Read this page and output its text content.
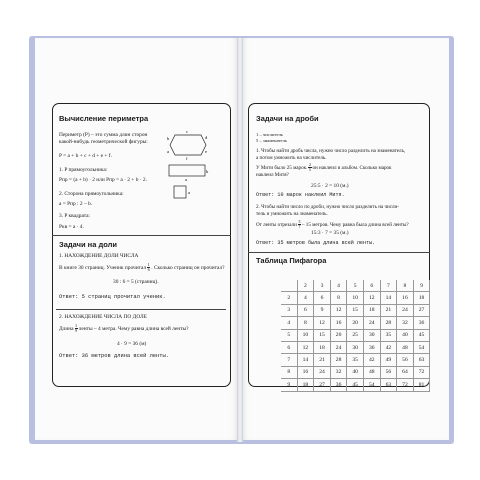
Вычисление периметра
Периметр (P) – это сумма длин сторон
какой-нибудь геометрической фигуры:
P = a + b + c + d + e + f.
1. P прямоугольника:
Pпр = (a + b) · 2 или Pпр = a · 2 + b · 2.
2. Сторона прямоугольника:
a = Pпр : 2 – b.
3. P квадрата:
Pкв = a · 4.
c
d
e
f
a
b
a
b
a
Задачи на доли
1. НАХОЖДЕНИЕ ДОЛИ ЧИСЛА
В книге 30 страниц. Ученик прочитал $\frac{1}{6}$ . Сколько страниц он прочитал?
30 : 6 = 5 (страниц).
Ответ: 5 страниц прочитал ученик.
2. НАХОЖДЕНИЕ ЧИСЛА ПО ДОЛЕ
Длина $\frac{1}{9}$ ленты – 4 метра. Чему равна длина всей ленты?
4 · 9 = 36 (м)
Ответ: 36 метров длина всей ленты.
Задачи на дроби
1 – числитель
5 – знаменатель
1. Чтобы найти дробь числа, нужно число разделить на знаменатель,
а потом умножить на числитель.
У Мити было 25 марок. $\frac{2}{5}$ он наклеил в альбом. Сколько марок
наклеил Митя?
25:5 · 2 = 10 (м.)
Ответ: 10 марок наклеил Митя.
2. Чтобы найти число по дроби, нужно число разделить на числи-
тель и умножить на знаменатель.
От ленты отрезали $\frac{3}{7} - 15$ метров. Чему равна была длина всей ленты?
15:3 · 7 = 35 (м.)
Ответ: 35 метров была длина всей ленты.
Таблица Пифагора
	2	3	4	5	6	7	8	9
2	4	6	8	10	12	14	16	18
3	6	9	12	15	18	21	24	27
4	8	12	16	20	24	28	32	36
5	10	15	20	25	30	35	40	45
6	12	18	24	30	36	42	48	54
7	14	21	28	35	42	49	56	63
8	16	24	32	40	48	56	64	72
9	18	27	36	45	54	63	72	81
